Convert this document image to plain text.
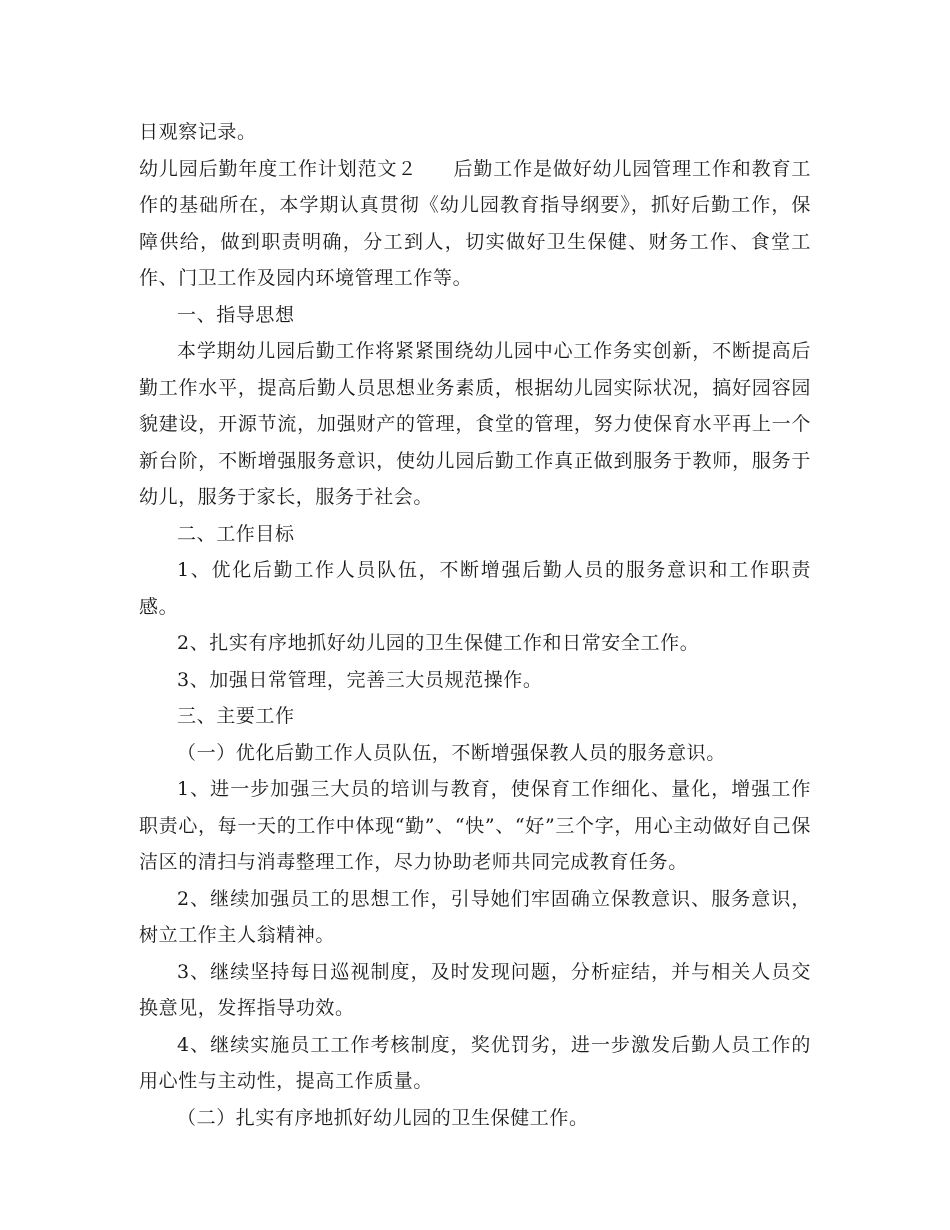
日观察记录。

幼儿园后勤年度工作计划范文２ 后勤工作是做好幼儿园管理工作和教育工作的基础所在，本学期认真贯彻《幼儿园教育指导纲要》，抓好后勤工作，保障供给，做到职责明确，分工到人，切实做好卫生保健、财务工作、食堂工作、门卫工作及园内环境管理工作等。

一、指导思想

本学期幼儿园后勤工作将紧紧围绕幼儿园中心工作务实创新，不断提高后勤工作水平，提高后勤人员思想业务素质，根据幼儿园实际状况，搞好园容园貌建设，开源节流，加强财产的管理，食堂的管理，努力使保育水平再上一个新台阶，不断增强服务意识，使幼儿园后勤工作真正做到服务于教师，服务于幼儿，服务于家长，服务于社会。

二、工作目标

1、优化后勤工作人员队伍，不断增强后勤人员的服务意识和工作职责感。

2、扎实有序地抓好幼儿园的卫生保健工作和日常安全工作。

3、加强日常管理，完善三大员规范操作。

三、主要工作

（一）优化后勤工作人员队伍，不断增强保教人员的服务意识。

1、进一步加强三大员的培训与教育，使保育工作细化、量化，增强工作职责心，每一天的工作中体现“勤”、“快”、“好”三个字，用心主动做好自己保洁区的清扫与消毒整理工作，尽力协助老师共同完成教育任务。

2、继续加强员工的思想工作，引导她们牢固确立保教意识、服务意识，树立工作主人翁精神。

3、继续坚持每日巡视制度，及时发现问题，分析症结，并与相关人员交换意见，发挥指导功效。

4、继续实施员工工作考核制度，奖优罚劣，进一步激发后勤人员工作的用心性与主动性，提高工作质量。

（二）扎实有序地抓好幼儿园的卫生保健工作。
